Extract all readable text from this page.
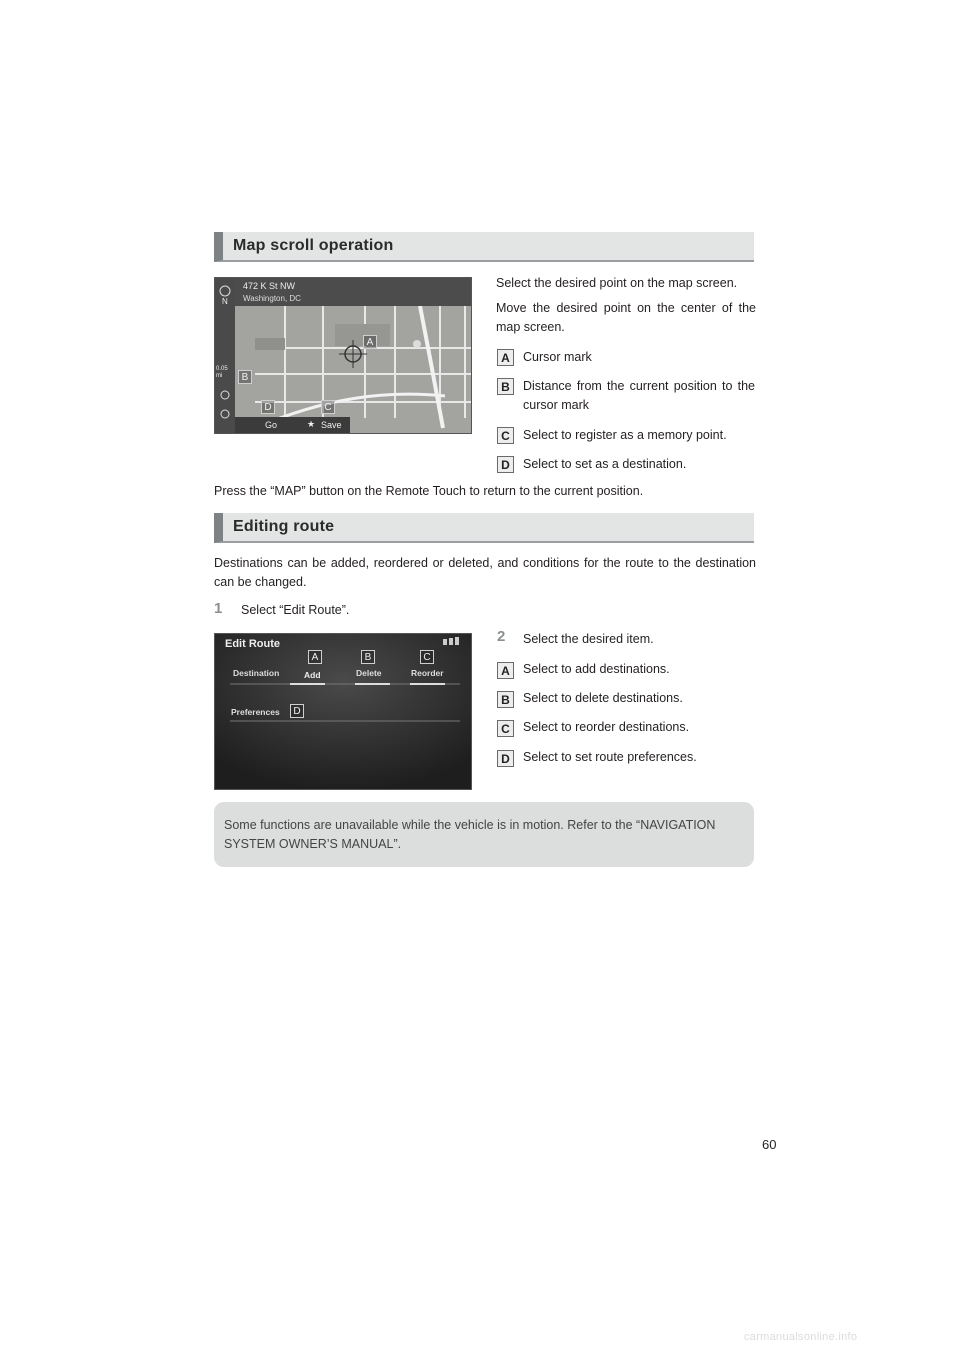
Map scroll operation
472 K St NW
Washington, DC
N
0.05 mi
Go	★ Save
A
B
C
D
Select the desired point on the map screen.
Move the desired point on the center of the map screen.
A	Cursor mark
B	Distance from the current position to the cursor mark
C	Select to register as a memory point.
D	Select to set as a destination.
Press the “MAP” button on the Remote Touch to return to the current position.
Editing route
Destinations can be added, reordered or deleted, and conditions for the route to the destination can be changed.
1 Select “Edit Route”.
Edit Route
Destination	Add	Delete	Reorder
Preferences
A	B	C
D
2 Select the desired item.
A	Select to add destinations.
B	Select to delete destinations.
C	Select to reorder destinations.
D	Select to set route preferences.
Some functions are unavailable while the vehicle is in motion. Refer to the “NAVIGATION SYSTEM OWNER’S MANUAL”.
60
carmanualsonline.info
